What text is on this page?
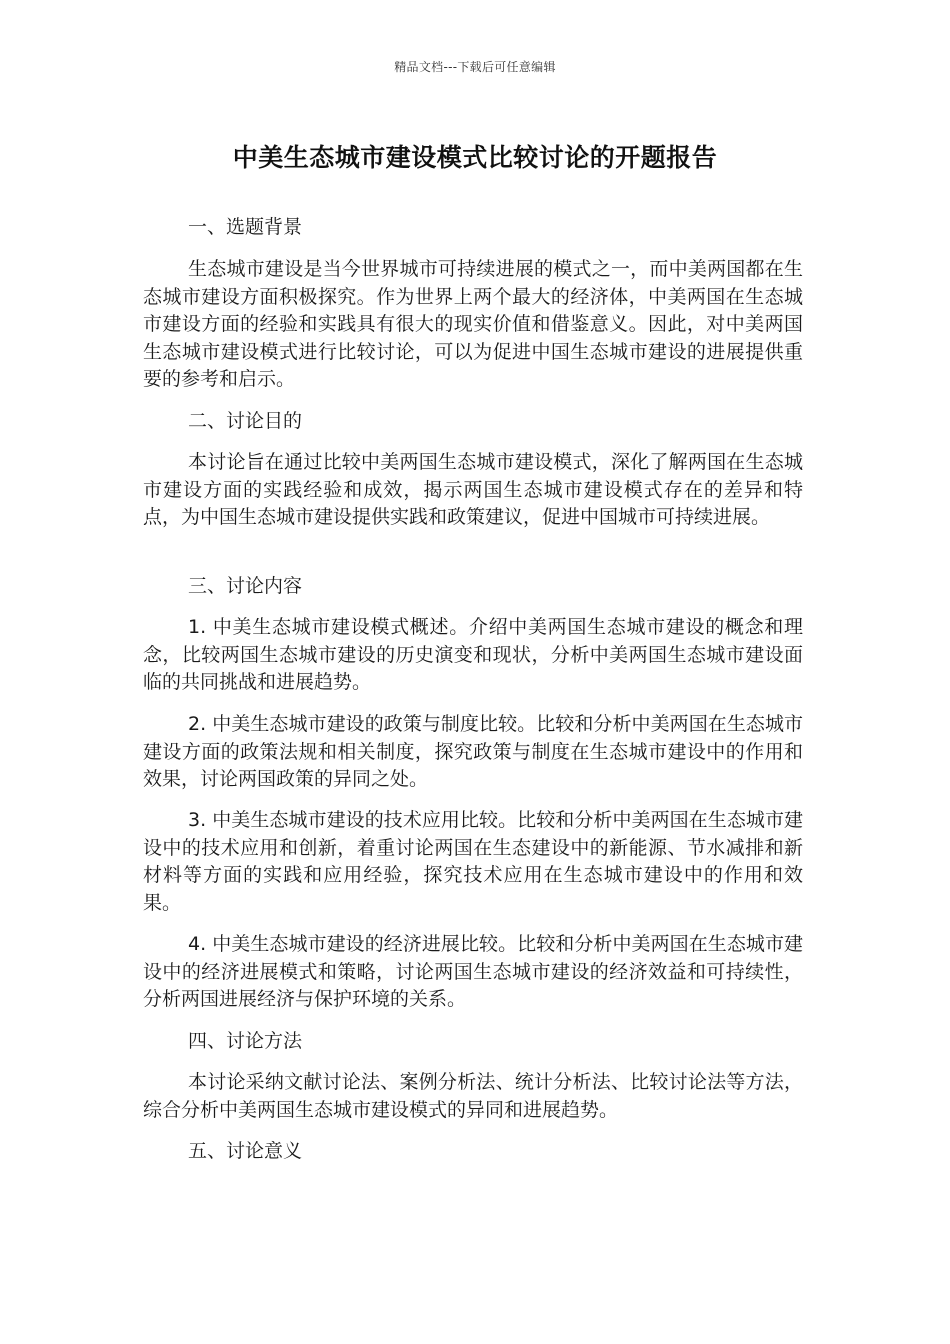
精品文档---下载后可任意编辑
中美生态城市建设模式比较讨论的开题报告
一、选题背景

生态城市建设是当今世界城市可持续进展的模式之一，而中美两国都在生态城市建设方面积极探究。作为世界上两个最大的经济体，中美两国在生态城市建设方面的经验和实践具有很大的现实价值和借鉴意义。因此，对中美两国生态城市建设模式进行比较讨论，可以为促进中国生态城市建设的进展提供重要的参考和启示。

二、讨论目的

本讨论旨在通过比较中美两国生态城市建设模式，深化了解两国在生态城市建设方面的实践经验和成效，揭示两国生态城市建设模式存在的差异和特点，为中国生态城市建设提供实践和政策建议，促进中国城市可持续进展。

三、讨论内容

1. 中美生态城市建设模式概述。介绍中美两国生态城市建设的概念和理念，比较两国生态城市建设的历史演变和现状，分析中美两国生态城市建设面临的共同挑战和进展趋势。

2. 中美生态城市建设的政策与制度比较。比较和分析中美两国在生态城市建设方面的政策法规和相关制度，探究政策与制度在生态城市建设中的作用和效果，讨论两国政策的异同之处。

3. 中美生态城市建设的技术应用比较。比较和分析中美两国在生态城市建设中的技术应用和创新，着重讨论两国在生态建设中的新能源、节水减排和新材料等方面的实践和应用经验，探究技术应用在生态城市建设中的作用和效果。

4. 中美生态城市建设的经济进展比较。比较和分析中美两国在生态城市建设中的经济进展模式和策略，讨论两国生态城市建设的经济效益和可持续性，分析两国进展经济与保护环境的关系。

四、讨论方法

本讨论采纳文献讨论法、案例分析法、统计分析法、比较讨论法等方法，综合分析中美两国生态城市建设模式的异同和进展趋势。

五、讨论意义
